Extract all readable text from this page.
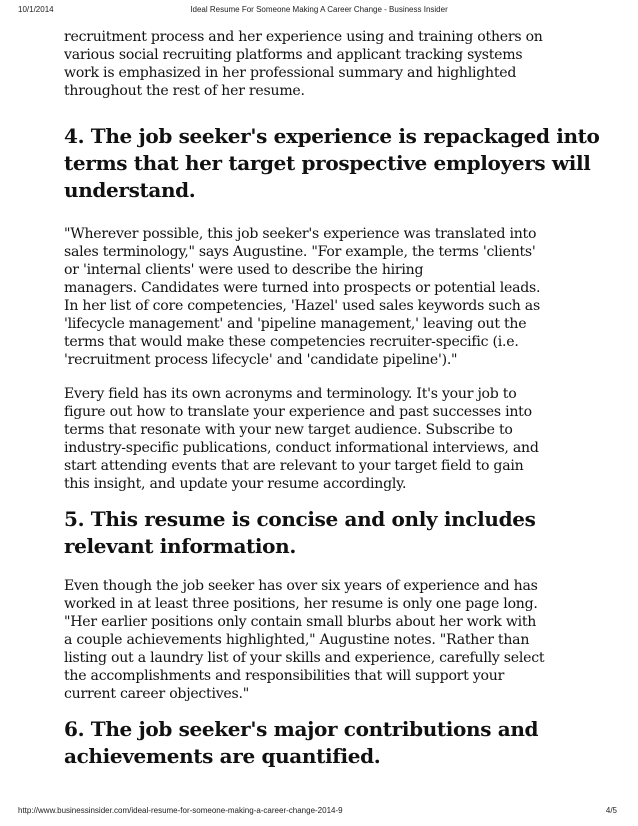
10/1/2014	Ideal Resume For Someone Making A Career Change - Business Insider

recruitment process and her experience using and training others on
various social recruiting platforms and applicant tracking systems
work is emphasized in her professional summary and highlighted
throughout the rest of her resume.

4. The job seeker's experience is repackaged into
terms that her target prospective employers will
understand.

"Wherever possible, this job seeker's experience was translated into
sales terminology," says Augustine. "For example, the terms 'clients'
or 'internal clients' were used to describe the hiring
managers. Candidates were turned into prospects or potential leads.
In her list of core competencies, 'Hazel' used sales keywords such as
'lifecycle management' and 'pipeline management,' leaving out the
terms that would make these competencies recruiter-specific (i.e.
'recruitment process lifecycle' and 'candidate pipeline')."

Every field has its own acronyms and terminology. It's your job to
figure out how to translate your experience and past successes into
terms that resonate with your new target audience. Subscribe to
industry-specific publications, conduct informational interviews, and
start attending events that are relevant to your target field to gain
this insight, and update your resume accordingly.

5. This resume is concise and only includes
relevant information.

Even though the job seeker has over six years of experience and has
worked in at least three positions, her resume is only one page long.
"Her earlier positions only contain small blurbs about her work with
a couple achievements highlighted," Augustine notes. "Rather than
listing out a laundry list of your skills and experience, carefully select
the accomplishments and responsibilities that will support your
current career objectives."

6. The job seeker's major contributions and
achievements are quantified.
http://www.businessinsider.com/ideal-resume-for-someone-making-a-career-change-2014-9	4/5
